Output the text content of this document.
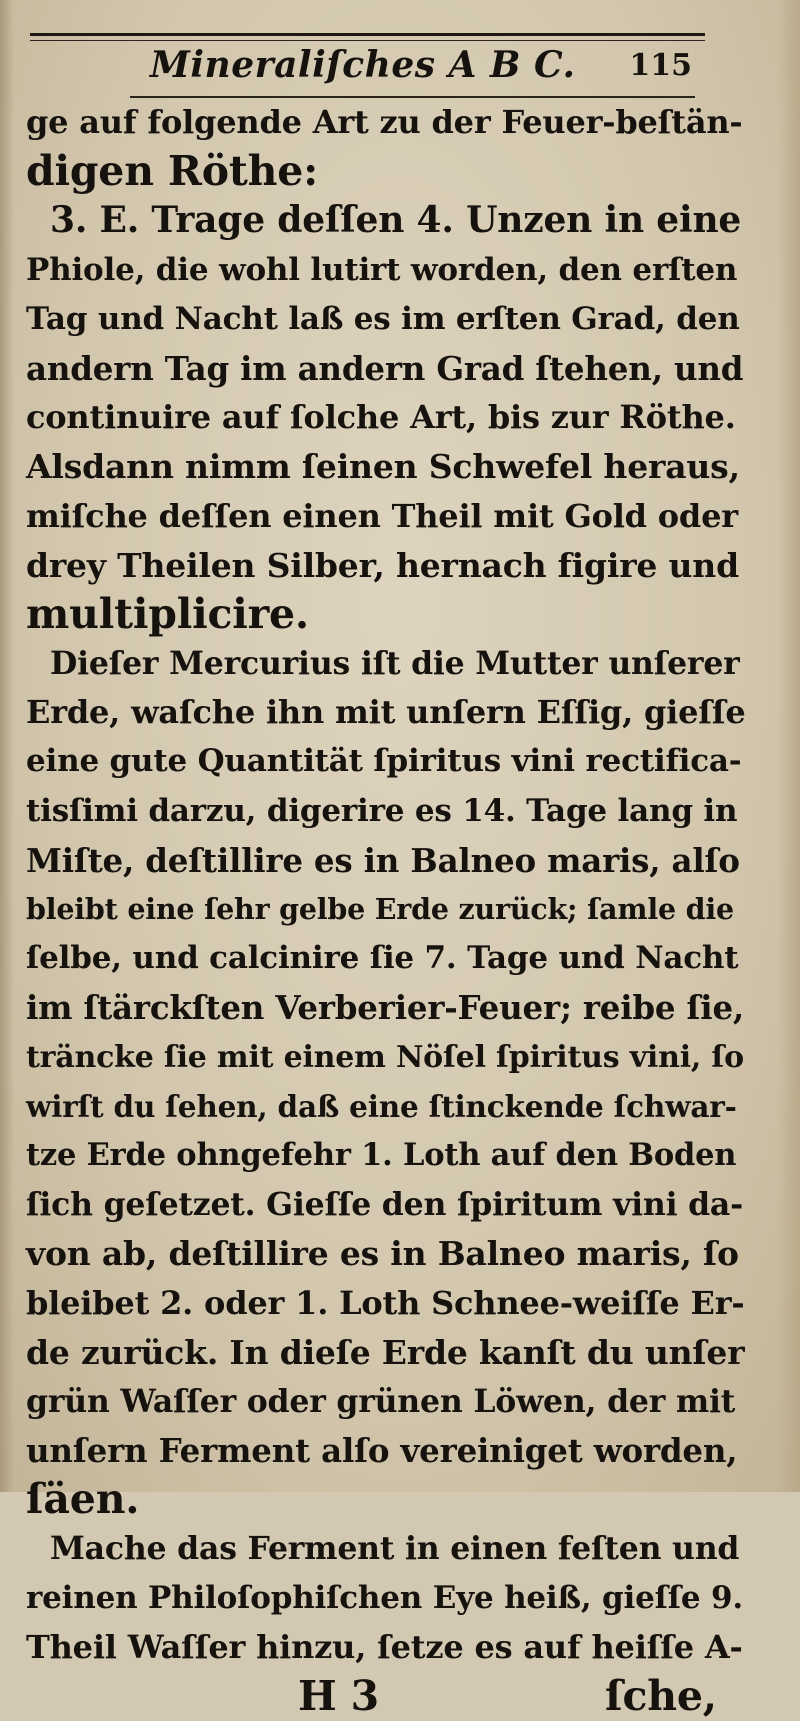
Mineraliſches A B C. 115
ge auf folgende Art zu der Feuer-beſtän-
digen Röthe:
3. E. Trage deſſen 4. Unzen in eine
Phiole, die wohl lutirt worden, den erſten
Tag und Nacht laß es im erſten Grad, den
andern Tag im andern Grad ſtehen, und
continuire auf ſolche Art, bis zur Röthe.
Alsdann nimm ſeinen Schwefel heraus,
miſche deſſen einen Theil mit Gold oder
drey Theilen Silber, hernach figire und
multiplicire.
Dieſer Mercurius iſt die Mutter unſerer
Erde, waſche ihn mit unſern Eſſig, gieſſe
eine gute Quantität ſpiritus vini rectifica-
tisſimi darzu, digerire es 14. Tage lang in
Miſte, deſtillire es in Balneo maris, alſo
bleibt eine ſehr gelbe Erde zurück; ſamle die
ſelbe, und calcinire ſie 7. Tage und Nacht
im ſtärckſten Verberier-Feuer; reibe ſie,
träncke ſie mit einem Nöſel ſpiritus vini, ſo
wirſt du ſehen, daß eine ſtinckende ſchwar-
tze Erde ohngefehr 1. Loth auf den Boden
ſich geſetzet. Gieſſe den ſpiritum vini da-
von ab, deſtillire es in Balneo maris, ſo
bleibet 2. oder 1. Loth Schnee-weiſſe Er-
de zurück. In dieſe Erde kanſt du unſer
grün Waſſer oder grünen Löwen, der mit
unſern Ferment alſo vereiniget worden,
ſäen.
Mache das Ferment in einen feſten und
reinen Philoſophiſchen Eye heiß, gieſſe 9.
Theil Waſſer hinzu, ſetze es auf heiſſe A-
H 3	ſche,
